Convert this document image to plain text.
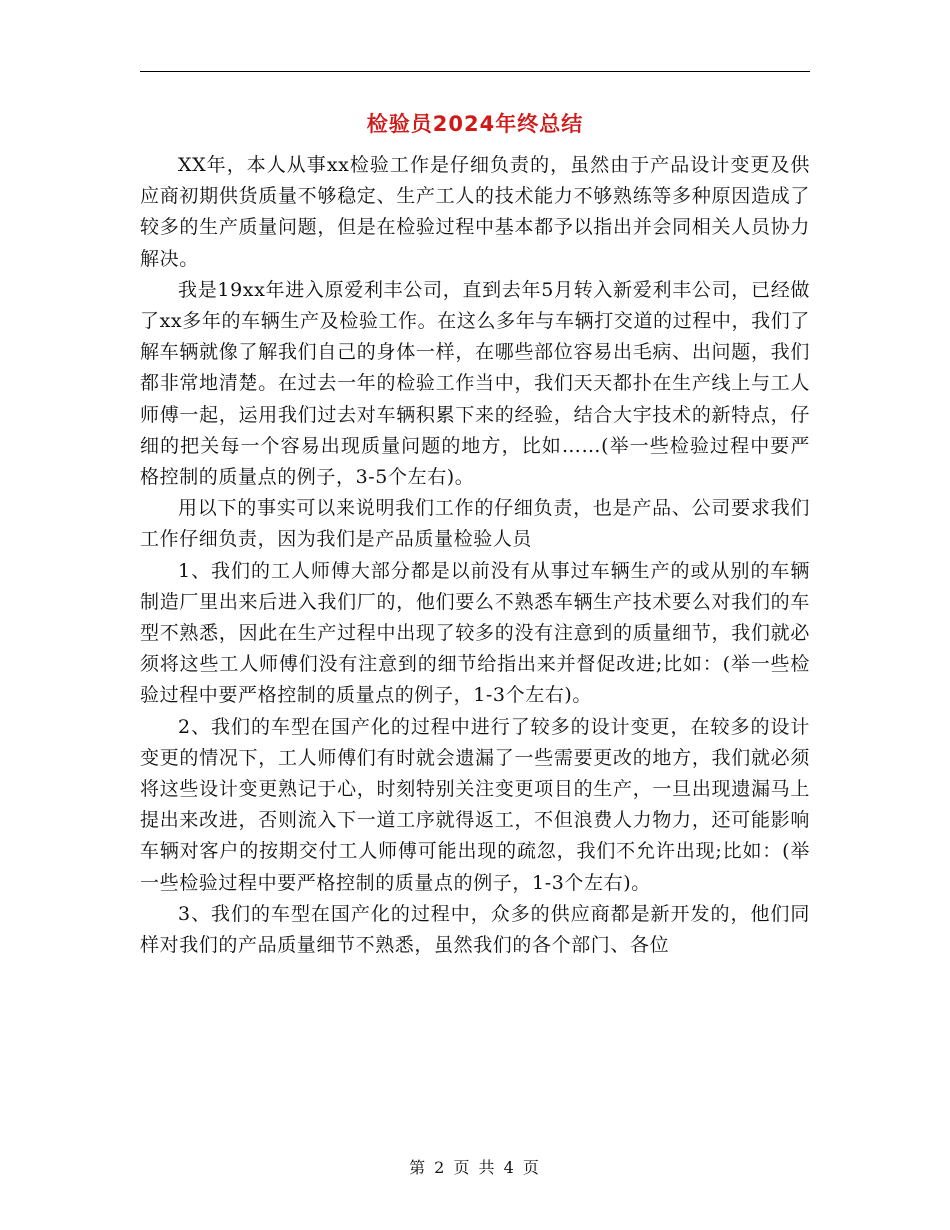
检验员2024年终总结

XX年，本人从事xx检验工作是仔细负责的，虽然由于产品设计变更及供应商初期供货质量不够稳定、生产工人的技术能力不够熟练等多种原因造成了较多的生产质量问题，但是在检验过程中基本都予以指出并会同相关人员协力解决。

我是19xx年进入原爱利丰公司，直到去年5月转入新爱利丰公司，已经做了xx多年的车辆生产及检验工作。在这么多年与车辆打交道的过程中，我们了解车辆就像了解我们自己的身体一样，在哪些部位容易出毛病、出问题，我们都非常地清楚。在过去一年的检验工作当中，我们天天都扑在生产线上与工人师傅一起，运用我们过去对车辆积累下来的经验，结合大宇技术的新特点，仔细的把关每一个容易出现质量问题的地方，比如……(举一些检验过程中要严格控制的质量点的例子，3-5个左右)。

用以下的事实可以来说明我们工作的仔细负责，也是产品、公司要求我们工作仔细负责，因为我们是产品质量检验人员

1、我们的工人师傅大部分都是以前没有从事过车辆生产的或从别的车辆制造厂里出来后进入我们厂的，他们要么不熟悉车辆生产技术要么对我们的车型不熟悉，因此在生产过程中出现了较多的没有注意到的质量细节，我们就必须将这些工人师傅们没有注意到的细节给指出来并督促改进;比如：(举一些检验过程中要严格控制的质量点的例子，1-3个左右)。

2、我们的车型在国产化的过程中进行了较多的设计变更，在较多的设计变更的情况下，工人师傅们有时就会遗漏了一些需要更改的地方，我们就必须将这些设计变更熟记于心，时刻特别关注变更项目的生产，一旦出现遗漏马上提出来改进，否则流入下一道工序就得返工，不但浪费人力物力，还可能影响车辆对客户的按期交付工人师傅可能出现的疏忽，我们不允许出现;比如：(举一些检验过程中要严格控制的质量点的例子，1-3个左右)。

3、我们的车型在国产化的过程中，众多的供应商都是新开发的，他们同样对我们的产品质量细节不熟悉，虽然我们的各个部门、各位

第 2 页 共 4 页
